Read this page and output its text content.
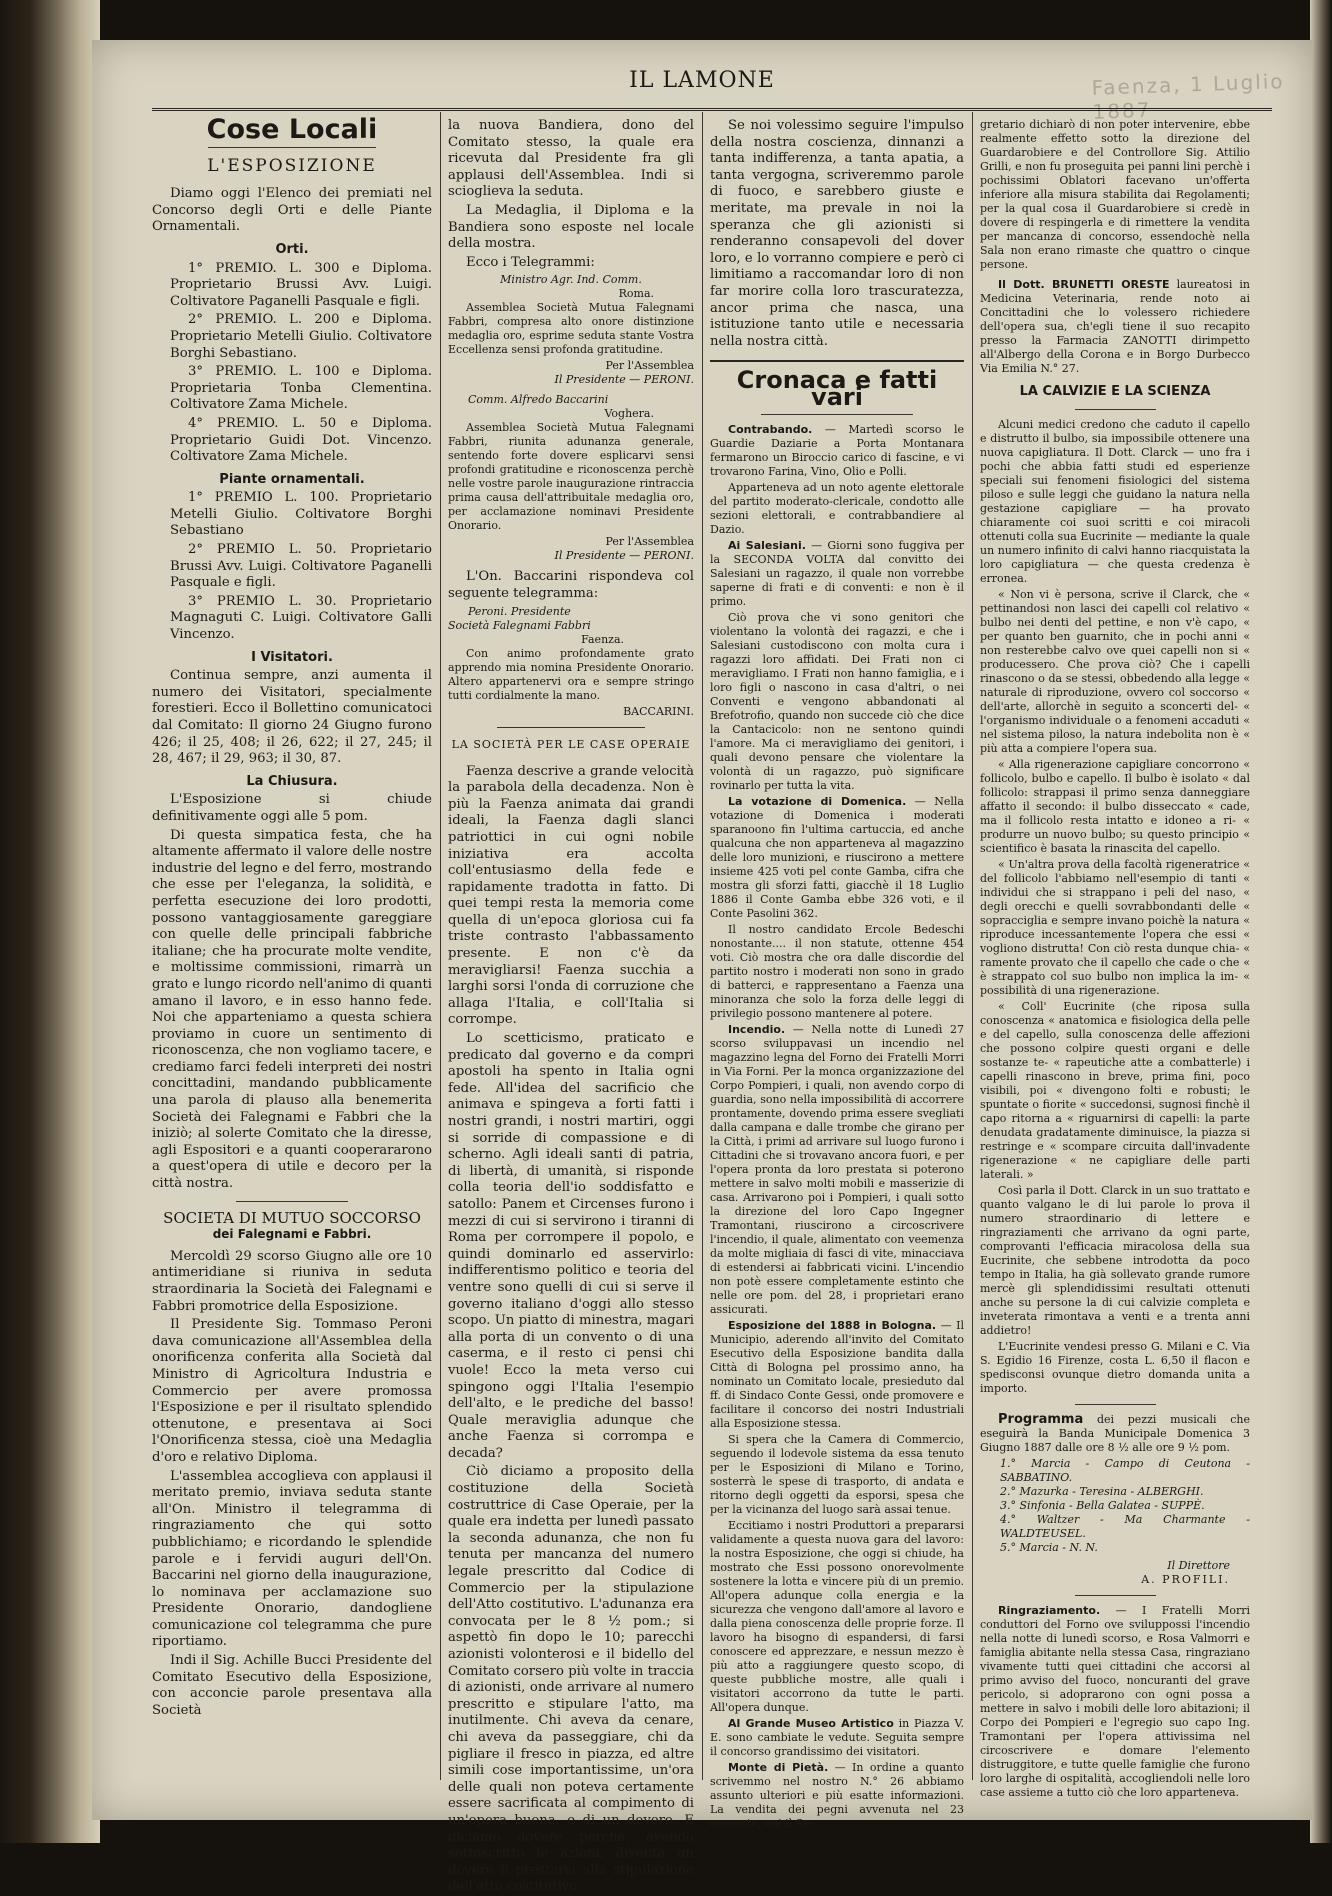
Faenza, 1 Luglio 1887
IL LAMONE
Cose Locali
L'ESPOSIZIONE

Diamo oggi l'Elenco dei premiati nel Concorso degli Orti e delle Piante Ornamentali.

Orti.

1° PREMIO. L. 300 e Diploma. Proprietario Brussi Avv. Luigi. Coltivatore Paganelli Pasquale e figli.

2° PREMIO. L. 200 e Diploma. Proprietario Metelli Giulio. Coltivatore Borghi Sebastiano.

3° PREMIO. L. 100 e Diploma. Proprietaria Tonba Clementina. Coltivatore Zama Michele.

4° PREMIO. L. 50 e Diploma. Proprietario Guidi Dot. Vincenzo. Coltivatore Zama Michele.

Piante ornamentali.

1° PREMIO L. 100. Proprietario Metelli Giulio. Coltivatore Borghi Sebastiano

2° PREMIO L. 50. Proprietario Brussi Avv. Luigi. Coltivatore Paganelli Pasquale e figli.

3° PREMIO L. 30. Proprietario Magnaguti C. Luigi. Coltivatore Galli Vincenzo.

I Visitatori.

Continua sempre, anzi aumenta il numero dei Visitatori, specialmente forestieri. Ecco il Bollettino comunicatoci dal Comitato: Il giorno 24 Giugno furono 426; il 25, 408; il 26, 622; il 27, 245; il 28, 467; il 29, 963; il 30, 87.

La Chiusura.

L'Esposizione si chiude definitivamente oggi alle 5 pom.

Di questa simpatica festa, che ha altamente affermato il valore delle nostre industrie del legno e del ferro, mostrando che esse per l'eleganza, la solidità, e perfetta esecuzione dei loro prodotti, possono vantaggiosamente gareggiare con quelle delle principali fabbriche italiane; che ha procurate molte vendite, e moltissime commissioni, rimarrà un grato e lungo ricordo nell'animo di quanti amano il lavoro, e in esso hanno fede. Noi che apparteniamo a questa schiera proviamo in cuore un sentimento di riconoscenza, che non vogliamo tacere, e crediamo farci fedeli interpreti dei nostri concittadini, mandando pubblicamente una parola di plauso alla benemerita Società dei Falegnami e Fabbri che la iniziò; al solerte Comitato che la diresse, agli Espositori e a quanti cooperararono a quest'opera di utile e decoro per la città nostra.

SOCIETA DI MUTUO SOCCORSO
dei Falegnami e Fabbri.

Mercoldì 29 scorso Giugno alle ore 10 antimeridiane si riuniva in seduta straordinaria la Società dei Falegnami e Fabbri promotrice della Esposizione.

Il Presidente Sig. Tommaso Peroni dava comunicazione all'Assemblea della onorificenza conferita alla Società dal Ministro di Agricoltura Industria e Commercio per avere promossa l'Esposizione e per il risultato splendido ottenutone, e presentava ai Soci l'Onorificenza stessa, cioè una Medaglia d'oro e relativo Diploma.

L'assemblea accoglieva con applausi il meritato premio, inviava seduta stante all'On. Ministro il telegramma di ringraziamento che qui sotto pubblichiamo; e ricordando le splendide parole e i fervidi auguri dell'On. Baccarini nel giorno della inaugurazione, lo nominava per acclamazione suo Presidente Onorario, dandogliene comunicazione col telegramma che pure riportiamo.

Indi il Sig. Achille Bucci Presidente del Comitato Esecutivo della Esposizione, con acconcie parole presentava alla Società

la nuova Bandiera, dono del Comitato stesso, la quale era ricevuta dal Presidente fra gli applausi dell'Assemblea. Indi si scioglieva la seduta.

La Medaglia, il Diploma e la Bandiera sono esposte nel locale della mostra.

Ecco i Telegrammi:

Ministro Agr. Ind. Comm.
Roma.

Assemblea Società Mutua Falegnami Fabbri, compresa alto onore distinzione medaglia oro, esprime seduta stante Vostra Eccellenza sensi profonda gratitudine.

Per l'Assemblea
Il Presidente — PERONI.
Comm. Alfredo Baccarini
Voghera.

Assemblea Società Mutua Falegnami Fabbri, riunita adunanza generale, sentendo forte dovere esplicarvi sensi profondi gratitudine e riconoscenza perchè nelle vostre parole inaugurazione rintraccia prima causa dell'attribuitale medaglia oro, per acclamazione nominavi Presidente Onorario.

Per l'Assemblea
Il Presidente — PERONI.

L'On. Baccarini rispondeva col seguente telegramma:

Peroni. Presidente
Società Falegnami Fabbri
Faenza.

Con animo profondamente grato apprendo mia nomina Presidente Onorario. Altero appartenervi ora e sempre stringo tutti cordialmente la mano.

BACCARINI.
LA SOCIETÀ PER LE CASE OPERAIE

Faenza descrive a grande velocità la parabola della decadenza. Non è più la Faenza animata dai grandi ideali, la Faenza dagli slanci patriottici in cui ogni nobile iniziativa era accolta coll'entusiasmo della fede e rapidamente tradotta in fatto. Di quei tempi resta la memoria come quella di un'epoca gloriosa cui fa triste contrasto l'abbassamento presente. E non c'è da meravigliarsi! Faenza succhia a larghi sorsi l'onda di corruzione che allaga l'Italia, e coll'Italia si corrompe.

Lo scetticismo, praticato e predicato dal governo e da compri apostoli ha spento in Italia ogni fede. All'idea del sacrificio che animava e spingeva a forti fatti i nostri grandi, i nostri martiri, oggi si sorride di compassione e di scherno. Agli ideali santi di patria, di libertà, di umanità, si risponde colla teoria dell'io soddisfatto e satollo: Panem et Circenses furono i mezzi di cui si servirono i tiranni di Roma per corrompere il popolo, e quindi dominarlo ed asservirlo: indifferentismo politico e teoria del ventre sono quelli di cui si serve il governo italiano d'oggi allo stesso scopo. Un piatto di minestra, magari alla porta di un convento o di una caserma, e il resto ci pensi chi vuole! Ecco la meta verso cui spingono oggi l'Italia l'esempio dell'alto, e le prediche del basso! Quale meraviglia adunque che anche Faenza si corrompa e decada?

Ciò diciamo a proposito della costituzione della Società costruttrice di Case Operaie, per la quale era indetta per lunedì passato la seconda adunanza, che non fu tenuta per mancanza del numero legale prescritto dal Codice di Commercio per la stipulazione dell'Atto costitutivo. L'adunanza era convocata per le 8 ½ pom.; si aspettò fin dopo le 10; parecchi azionisti volonterosi e il bidello del Comitato corsero più volte in traccia di azionisti, onde arrivare al numero prescritto e stipulare l'atto, ma inutilmente. Chi aveva da cenare, chi aveva da passeggiare, chi da pigliare il fresco in piazza, ed altre simili cose importantissime, un'ora delle quali non poteva certamente essere sacrificata al compimento di un'opera buona, e di un dovere. E diciamo dovere perchè, avendo sottoscritto le azioni, diventa un dovere il prestarsi alla stipulazione dell'atto costitutivo.

Se noi volessimo seguire l'impulso della nostra coscienza, dinnanzi a tanta indifferenza, a tanta apatia, a tanta vergogna, scriveremmo parole di fuoco, e sarebbero giuste e meritate, ma prevale in noi la speranza che gli azionisti si renderanno consapevoli del dover loro, e lo vorranno compiere e però ci limitiamo a raccomandar loro di non far morire colla loro trascuratezza, ancor prima che nasca, una istituzione tanto utile e necessaria nella nostra città.

Cronaca e fatti vari

Contrabando. — Martedì scorso le Guardie Daziarie a Porta Montanara fermarono un Biroccio carico di fascine, e vi trovarono Farina, Vino, Olio e Polli.

Apparteneva ad un noto agente elettorale del partito moderato-clericale, condotto alle sezioni elettorali, e contrabbandiere al Dazio.

Ai Salesiani. — Giorni sono fuggiva per la SECONDA VOLTA dal convitto dei Salesiani un ragazzo, il quale non vorrebbe saperne di frati e di conventi: e non è il primo.

Ciò prova che vi sono genitori che violentano la volontà dei ragazzi, e che i Salesiani custodiscono con molta cura i ragazzi loro affidati. Dei Frati non ci meravigliamo. I Frati non hanno famiglia, e i loro figli o nascono in casa d'altri, o nei Conventi e vengono abbandonati al Brefotrofio, quando non succede ciò che dice la Cantacicolo: non ne sentono quindi l'amore. Ma ci meravigliamo dei genitori, i quali devono pensare che violentare la volontà di un ragazzo, può significare rovinarlo per tutta la vita.

La votazione di Domenica. — Nella votazione di Domenica i moderati sparanoono fin l'ultima cartuccia, ed anche qualcuna che non apparteneva al magazzino delle loro munizioni, e riuscirono a mettere insieme 425 voti pel conte Gamba, cifra che mostra gli sforzi fatti, giacchè il 18 Luglio 1886 il Conte Gamba ebbe 326 voti, e il Conte Pasolini 362.

Il nostro candidato Ercole Bedeschi nonostante.... il non statute, ottenne 454 voti. Ciò mostra che ora dalle discordie del partito nostro i moderati non sono in grado di batterci, e rappresentano a Faenza una minoranza che solo la forza delle leggi di privilegio possono mantenere al potere.

Incendio. — Nella notte di Lunedì 27 scorso sviluppavasi un incendio nel magazzino legna del Forno dei Fratelli Morri in Via Forni. Per la monca organizzazione del Corpo Pompieri, i quali, non avendo corpo di guardia, sono nella impossibilità di accorrere prontamente, dovendo prima essere svegliati dalla campana e dalle trombe che girano per la Città, i primi ad arrivare sul luogo furono i Cittadini che si trovavano ancora fuori, e per l'opera pronta da loro prestata si poterono mettere in salvo molti mobili e masserizie di casa. Arrivarono poi i Pompieri, i quali sotto la direzione del loro Capo Ingegner Tramontani, riuscirono a circoscrivere l'incendio, il quale, alimentato con veemenza da molte migliaia di fasci di vite, minacciava di estendersi ai fabbricati vicini. L'incendio non potè essere completamente estinto che nelle ore pom. del 28, i proprietari erano assicurati.

Esposizione del 1888 in Bologna. — Il Municipio, aderendo all'invito del Comitato Esecutivo della Esposizione bandita dalla Città di Bologna pel prossimo anno, ha nominato un Comitato locale, presieduto dal ff. di Sindaco Conte Gessi, onde promovere e facilitare il concorso dei nostri Industriali alla Esposizione stessa.

Si spera che la Camera di Commercio, seguendo il lodevole sistema da essa tenuto per le Esposizioni di Milano e Torino, sosterrà le spese di trasporto, di andata e ritorno degli oggetti da esporsi, spesa che per la vicinanza del luogo sarà assai tenue.

Eccitiamo i nostri Produttori a prepararsi validamente a questa nuova gara del lavoro: la nostra Esposizione, che oggi si chiude, ha mostrato che Essi possono onorevolmente sostenere la lotta e vincere più di un premio. All'opera adunque colla energia e la sicurezza che vengono dall'amore al lavoro e dalla piena conoscenza delle proprie forze. Il lavoro ha bisogno di espandersi, di farsi conoscere ed apprezzare, e nessun mezzo è più atto a raggiungere questo scopo, di queste pubbliche mostre, alle quali i visitatori accorrono da tutte le parti. All'opera dunque.

Al Grande Museo Artistico in Piazza V. E. sono cambiate le vedute. Seguita sempre il concorso grandissimo dei visitatori.

Monte di Pietà. — In ordine a quanto scrivemmo nel nostro N.° 26 abbiamo assunto ulteriori e più esatte informazioni. La vendita dei pegni avvenuta nel 23 corrente, cui il Se-

gretario dichiarò di non poter intervenire, ebbe realmente effetto sotto la direzione del Guardarobiere e del Controllore Sig. Attilio Grilli, e non fu proseguita pei panni lini perchè i pochissimi Oblatori facevano un'offerta inferiore alla misura stabilita dai Regolamenti; per la qual cosa il Guardarobiere si credè in dovere di respingerla e di rimettere la vendita per mancanza di concorso, essendochè nella Sala non erano rimaste che quattro o cinque persone.

Il Dott. BRUNETTI ORESTE laureatosi in Medicina Veterinaria, rende noto ai Concittadini che lo volessero richiedere dell'opera sua, ch'egli tiene il suo recapito presso la Farmacia ZANOTTI dirimpetto all'Albergo della Corona e in Borgo Durbecco Via Emilia N.° 27.

LA CALVIZIE E LA SCIENZA

Alcuni medici credono che caduto il capello e distrutto il bulbo, sia impossibile ottenere una nuova capigliatura. Il Dott. Clarck — uno fra i pochi che abbia fatti studi ed esperienze speciali sui fenomeni fisiologici del sistema piloso e sulle leggi che guidano la natura nella gestazione capigliare — ha provato chiaramente coi suoi scritti e coi miracoli ottenuti colla sua Eucrinite — mediante la quale un numero infinito di calvi hanno riacquistata la loro capigliatura — che questa credenza è erronea.

« Non vi è persona, scrive il Clarck, che « pettinandosi non lasci dei capelli col relativo « bulbo nei denti del pettine, e non v'è capo, « per quanto ben guarnito, che in pochi anni « non resterebbe calvo ove quei capelli non si « producessero. Che prova ciò? Che i capelli rinascono o da se stessi, obbedendo alla legge « naturale di riproduzione, ovvero col soccorso « dell'arte, allorchè in seguito a sconcerti del- « l'organismo individuale o a fenomeni accaduti « nel sistema piloso, la natura indebolita non è « più atta a compiere l'opera sua.

« Alla rigenerazione capigliare concorrono « follicolo, bulbo e capello. Il bulbo è isolato « dal follicolo: strappasi il primo senza danneggiare affatto il secondo: il bulbo disseccato « cade, ma il follicolo resta intatto e idoneo a ri- « produrre un nuovo bulbo; su questo principio « scientifico è basata la rinascita del capello.

« Un'altra prova della facoltà rigeneratrice « del follicolo l'abbiamo nell'esempio di tanti « individui che si strappano i peli del naso, « degli orecchi e quelli sovrabbondanti delle « sopracciglia e sempre invano poichè la natura « riproduce incessantemente l'opera che essi « vogliono distrutta! Con ciò resta dunque chia- « ramente provato che il capello che cade o che « è strappato col suo bulbo non implica la im- « possibilità di una rigenerazione.

« Coll' Eucrinite (che riposa sulla conoscenza « anatomica e fisiologica della pelle e del capello, sulla conoscenza delle affezioni che possono colpire questi organi e delle sostanze te- « rapeutiche atte a combatterle) i capelli rinascono in breve, prima fini, poco visibili, poi « divengono folti e robusti; le spuntate o fiorite « succedonsi, sugnosi finchè il capo ritorna a « riguarnirsi di capelli: la parte denudata gradatamente diminuisce, la piazza si restringe e « scompare circuita dall'invadente rigenerazione « ne capigliare delle parti laterali. »

Così parla il Dott. Clarck in un suo trattato e quanto valgano le di lui parole lo prova il numero straordinario di lettere e ringraziamenti che arrivano da ogni parte, comprovanti l'efficacia miracolosa della sua Eucrinite, che sebbene introdotta da poco tempo in Italia, ha già sollevato grande rumore mercè gli splendidissimi resultati ottenuti anche su persone la di cui calvizie completa e inveterata rimontava a venti e a trenta anni addietro!

L'Eucrinite vendesi presso G. Milani e C. Via S. Egidio 16 Firenze, costa L. 6,50 il flacon e spedisconsi ovunque dietro domanda unita a importo.

Programma dei pezzi musicali che eseguirà la Banda Municipale Domenica 3 Giugno 1887 dalle ore 8 ½ alle ore 9 ½ pom.

1.° Marcia - Campo di Ceutona - SABBATINO.
2.° Mazurka - Teresina - ALBERGHI.
3.° Sinfonia - Bella Galatea - SUPPÈ.
4.° Waltzer - Ma Charmante - WALDTEUSEL.
5.° Marcia - N. N.
Il Direttore
A. PROFILI.

Ringraziamento. — I Fratelli Morri conduttori del Forno ove sviluppossi l'incendio nella notte di lunedì scorso, e Rosa Valmorri e famiglia abitante nella stessa Casa, ringraziano vivamente tutti quei cittadini che accorsi al primo avviso del fuoco, noncuranti del grave pericolo, si adoprarono con ogni possa a mettere in salvo i mobili delle loro abitazioni; il Corpo dei Pompieri e l'egregio suo capo Ing. Tramontani per l'opera attivissima nel circoscrivere e domare l'elemento distruggitore, e tutte quelle famiglie che furono loro larghe di ospitalità, accogliendoli nelle loro case assieme a tutto ciò che loro apparteneva.
